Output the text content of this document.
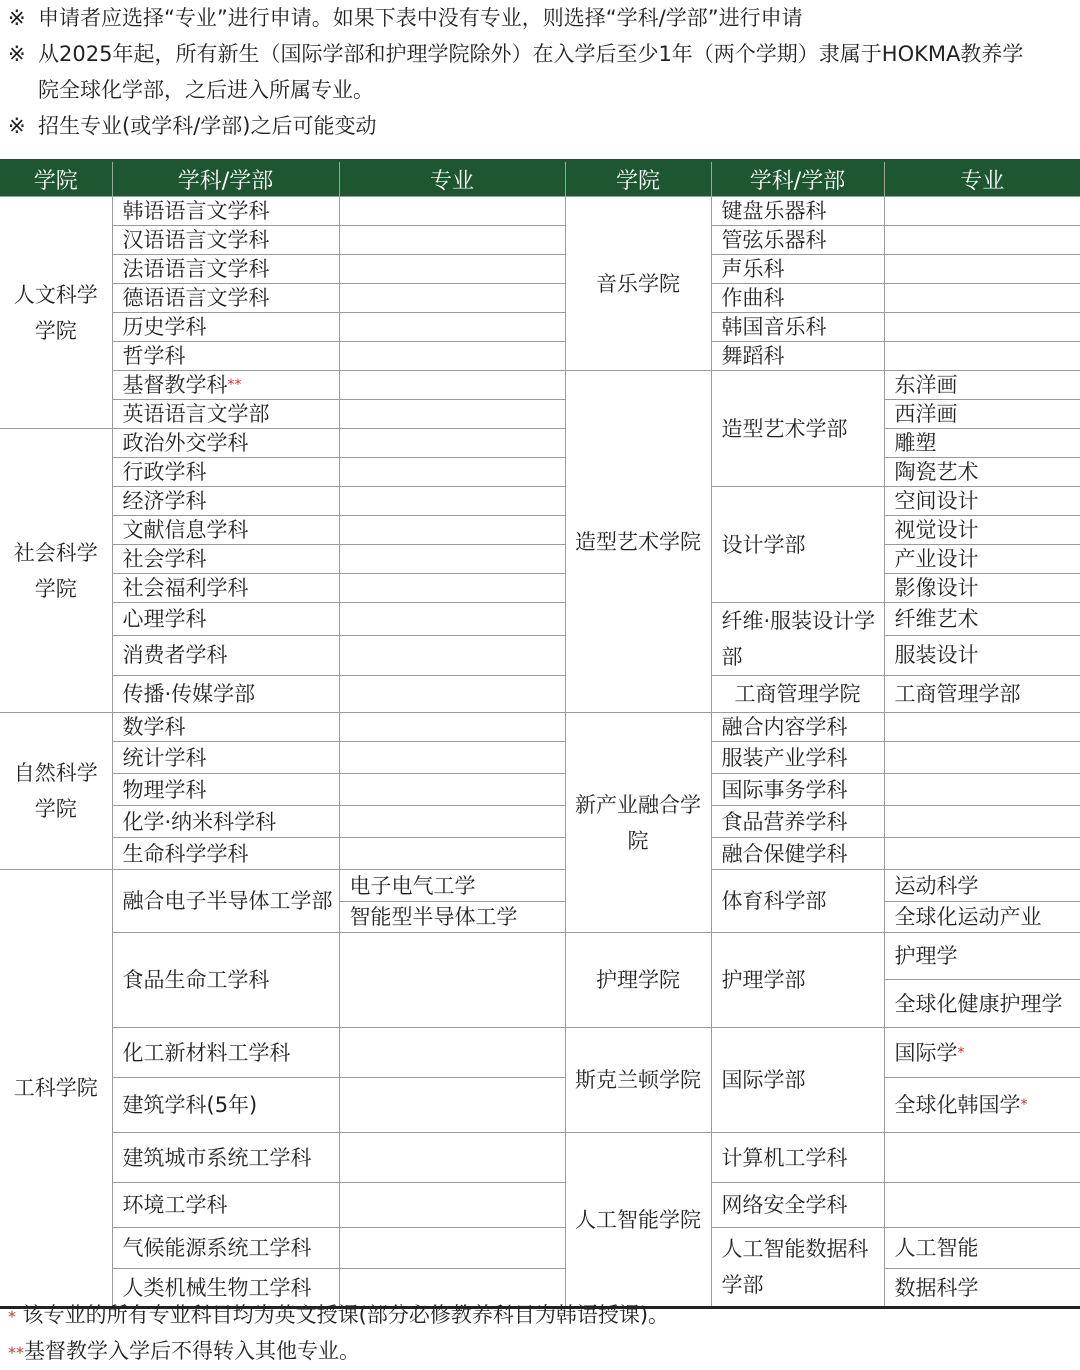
※ 申请者应选择“专业”进行申请。如果下表中没有专业，则选择“学科/学部”进行申请
※ 从2025年起，所有新生（国际学部和护理学院除外）在入学后至少1年（两个学期）隶属于HOKMA教养学
院全球化学部，之后进入所属专业。
※ 招生专业(或学科/学部)之后可能变动
学院	学科/学部	专业	学院	学科/学部	专业	
人文科学学院	韩语语言文学科		音乐学院	键盘乐器科		
	汉语语言文学科			管弦乐器科		
	法语语言文学科			声乐科		
	德语语言文学科			作曲科		
	历史学科			韩国音乐科		
	哲学科			舞蹈科		
	基督教学科**		造型艺术学院	造型艺术学部	东洋画	
	英语语言文学部				西洋画	
社会科学学院	政治外交学科				雕塑	
	行政学科				陶瓷艺术	
	经济学科			设计学部	空间设计	
	文献信息学科				视觉设计	
	社会学科				产业设计	
	社会福利学科				影像设计	
	心理学科			纤维·服装设计学部	纤维艺术	
	消费者学科				服装设计	
	传播·传媒学部			工商管理学院	工商管理学部	
自然科学学院	数学科		新产业融合学院	融合内容学科		
	统计学科			服装产业学科		
	物理学科			国际事务学科		
	化学·纳米科学科			食品营养学科		
	生命科学学科			融合保健学科		
工科学院	融合电子半导体工学部	电子电气工学		体育科学部	运动科学	
		智能型半导体工学			全球化运动产业	
	食品生命工学科		护理学院	护理学部	护理学	
					全球化健康护理学	
	化工新材料工学科		斯克兰顿学院	国际学部	国际学*
	建筑学科(5年)				全球化韩国学*
	建筑城市系统工学科		人工智能学院	计算机工学科		
	环境工学科			网络安全学科		
	气候能源系统工学科			人工智能数据科学部	人工智能	
	人类机械生物工学科				数据科学	
* 该专业的所有专业科目均为英文授课(部分必修教养科目为韩语授课)。
**基督教学入学后不得转入其他专业。
